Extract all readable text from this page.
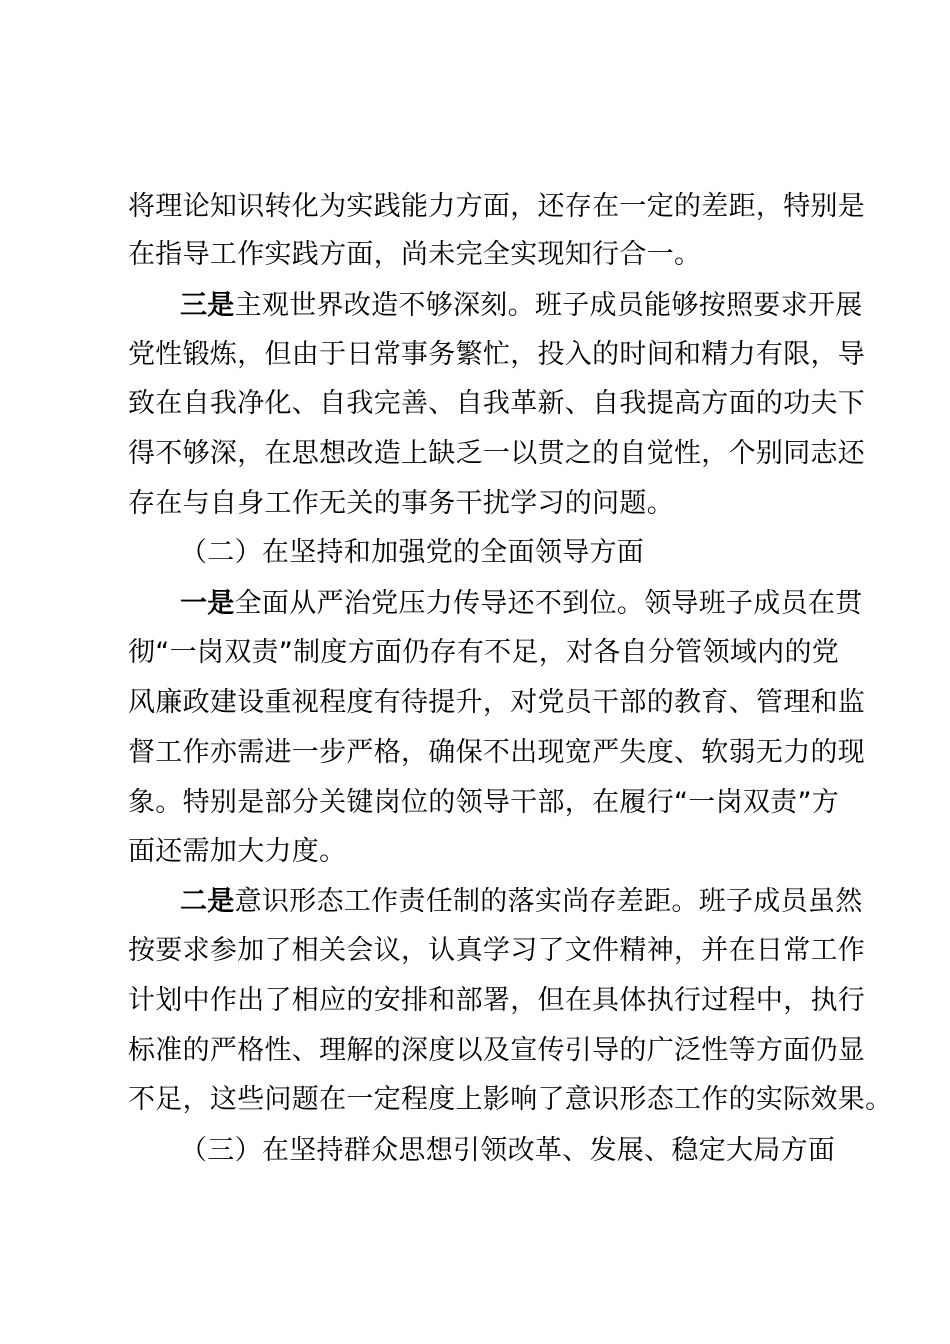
将理论知识转化为实践能力方面，还存在一定的差距，特别是
在指导工作实践方面，尚未完全实现知行合一。
三是主观世界改造不够深刻。班子成员能够按照要求开展
党性锻炼，但由于日常事务繁忙，投入的时间和精力有限，导
致在自我净化、自我完善、自我革新、自我提高方面的功夫下
得不够深，在思想改造上缺乏一以贯之的自觉性，个别同志还
存在与自身工作无关的事务干扰学习的问题。
（二）在坚持和加强党的全面领导方面
一是全面从严治党压力传导还不到位。领导班子成员在贯
彻“一岗双责”制度方面仍存有不足，对各自分管领域内的党
风廉政建设重视程度有待提升，对党员干部的教育、管理和监
督工作亦需进一步严格，确保不出现宽严失度、软弱无力的现
象。特别是部分关键岗位的领导干部，在履行“一岗双责”方
面还需加大力度。
二是意识形态工作责任制的落实尚存差距。班子成员虽然
按要求参加了相关会议，认真学习了文件精神，并在日常工作
计划中作出了相应的安排和部署，但在具体执行过程中，执行
标准的严格性、理解的深度以及宣传引导的广泛性等方面仍显
不足，这些问题在一定程度上影响了意识形态工作的实际效果。
（三）在坚持群众思想引领改革、发展、稳定大局方面
